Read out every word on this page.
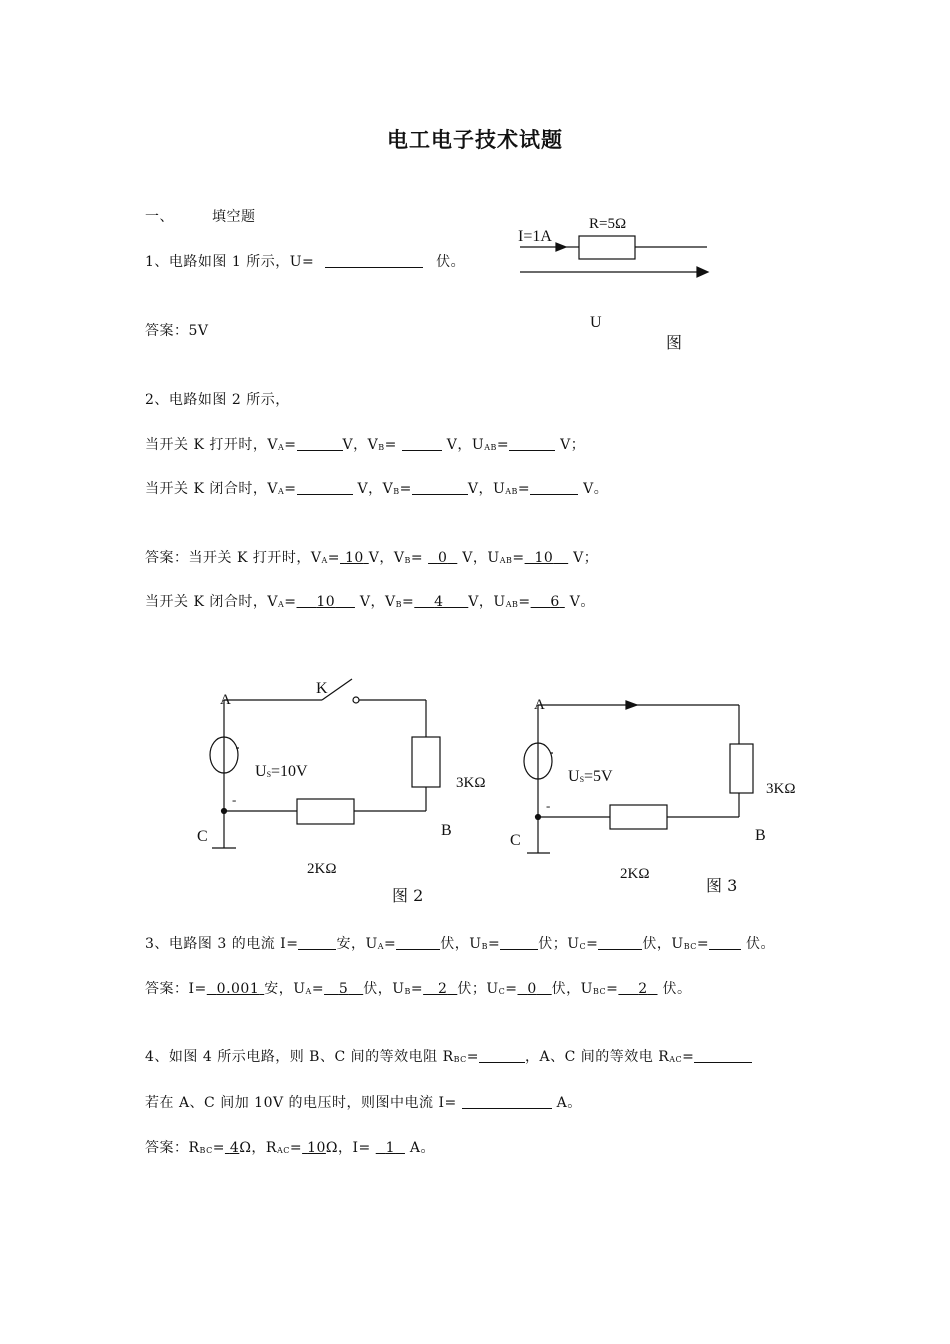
电工电子技术试题
一、	填空题
1、电路如图 1 所示，U=	伏。
答案：5V
I=1A
R=5Ω
U
图
2、电路如图 2 所示，
当开关 K 打开时，$V_A=$	V，$V_B=$	V，$U_{AB}=$	V；
当开关 K 闭合时，$V_A=$	V，$V_B=$	V，$U_{AB}=$	V。
答案：当开关 K 打开时，$V_A= 10$ V，$V_B= 0$ V，$U_{AB}= 10$ V；
当开关 K 闭合时，$V_A= 10$ V，$V_B= 4$ V，$U_{AB}= 6$ V。
K
A
$U_S=10V$
3KΩ
-
C	B
2KΩ
图 2
A
$U_S=5V$
3KΩ
-
C	B
2KΩ
图 3
3、电路图 3 的电流 I=	安，$U_A=$	伏，$U_B=$	伏；$U_C=$	伏，$U_{BC}=$	伏。
答案：I= 0.001 安，$U_A= 5$ 伏，$U_B= 2$ 伏；$U_C= 0$ 伏，$U_{BC}= 2$ 伏。
4、如图 4 所示电路，则 B、C 间的等效电阻 $R_{BC}=$	，A、C 间的等效电 $R_{AC}=$
若在 A、C 间加 10V 的电压时，则图中电流 I=	A。
答案：$R_{BC}= 4\Omega$，$R_{AC}= 10\Omega$，I=   1 A。
